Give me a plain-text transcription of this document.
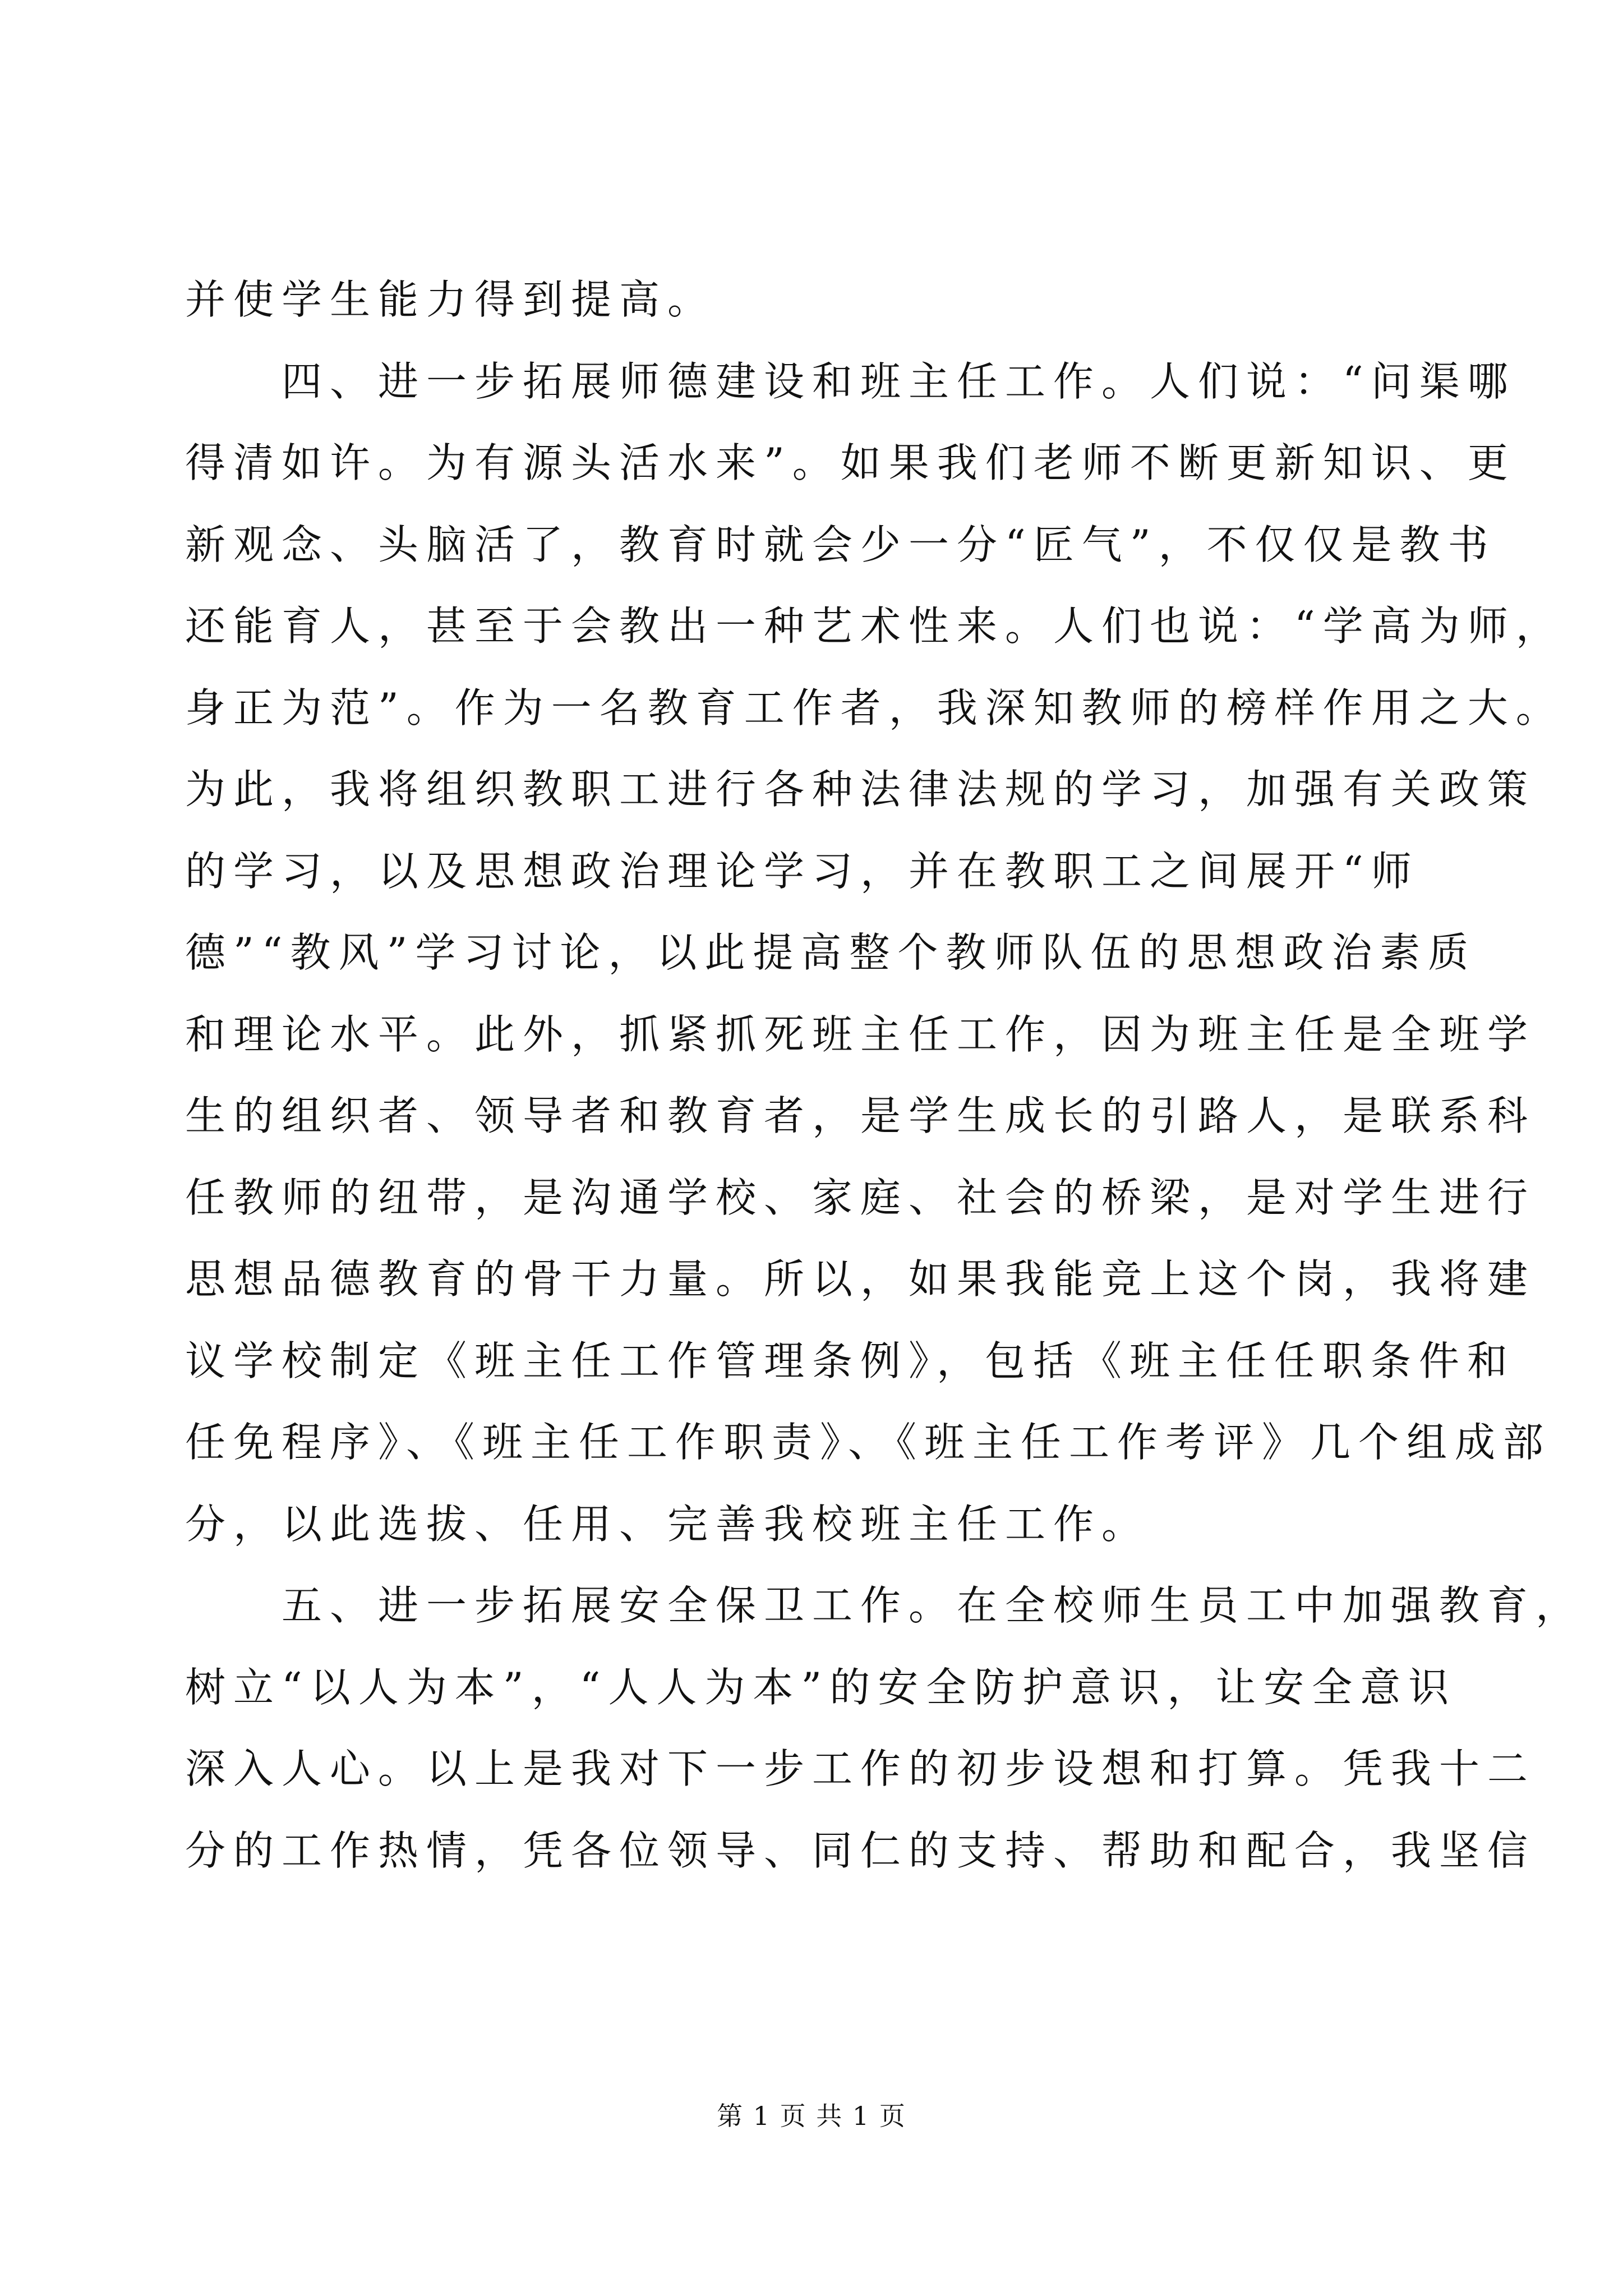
并使学生能力得到提高。
　　四、进一步拓展师德建设和班主任工作。人们说：“问渠哪
得清如许。为有源头活水来”。如果我们老师不断更新知识、更
新观念、头脑活了，教育时就会少一分“匠气”，不仅仅是教书
还能育人，甚至于会教出一种艺术性来。人们也说：“学高为师，
身正为范”。作为一名教育工作者，我深知教师的榜样作用之大。
为此，我将组织教职工进行各种法律法规的学习，加强有关政策
的学习，以及思想政治理论学习，并在教职工之间展开“师
德”“教风”学习讨论，以此提高整个教师队伍的思想政治素质
和理论水平。此外，抓紧抓死班主任工作，因为班主任是全班学
生的组织者、领导者和教育者，是学生成长的引路人，是联系科
任教师的纽带，是沟通学校、家庭、社会的桥梁，是对学生进行
思想品德教育的骨干力量。所以，如果我能竞上这个岗，我将建
议学校制定《班主任工作管理条例》，包括《班主任任职条件和
任免程序》、《班主任工作职责》、《班主任工作考评》几个组成部
分，以此选拔、任用、完善我校班主任工作。
　　五、进一步拓展安全保卫工作。在全校师生员工中加强教育，
树立“以人为本”，“人人为本”的安全防护意识，让安全意识
深入人心。以上是我对下一步工作的初步设想和打算。凭我十二
分的工作热情，凭各位领导、同仁的支持、帮助和配合，我坚信
第 1 页 共 1 页
